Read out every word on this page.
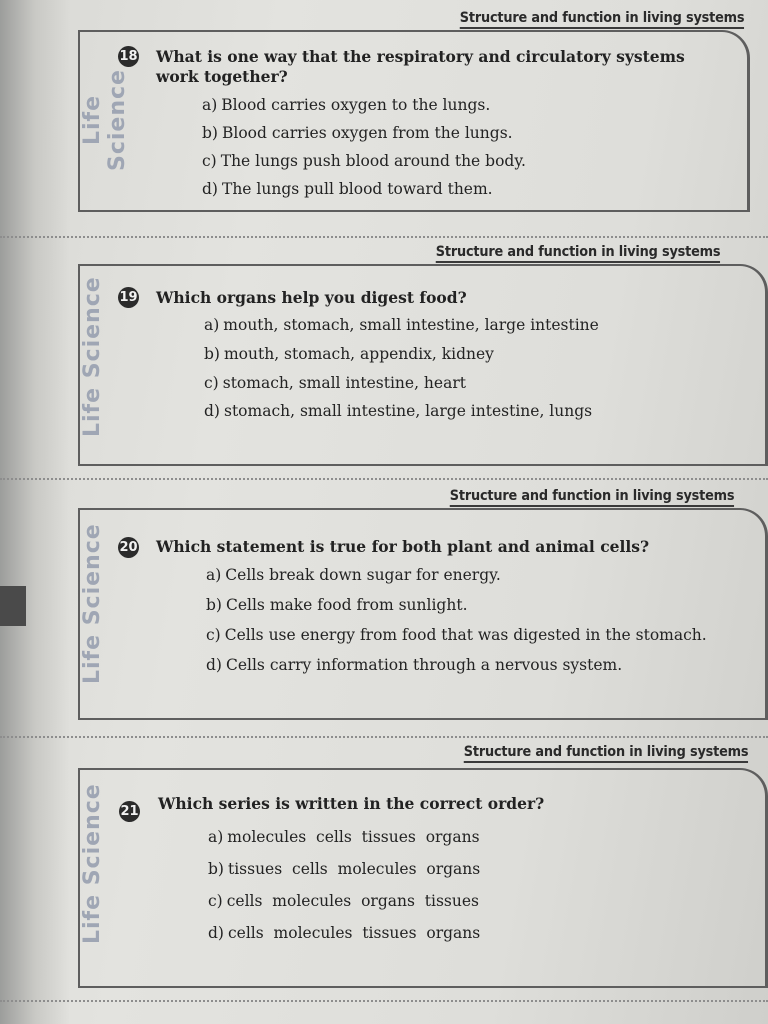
Structure and function in living systems
Life Science
18 What is one way that the respiratory and circulatory systems work together?
a) Blood carries oxygen to the lungs.
b) Blood carries oxygen from the lungs.
c) The lungs push blood around the body.
d) The lungs pull blood toward them.
Structure and function in living systems
Life Science	19 Which organs help you digest food?
a) mouth, stomach, small intestine, large intestine
b) mouth, stomach, appendix, kidney
c) stomach, small intestine, heart
d) stomach, small intestine, large intestine, lungs
Structure and function in living systems
Life Science	20 Which statement is true for both plant and animal cells?
a) Cells break down sugar for energy.
b) Cells make food from sunlight.
c) Cells use energy from food that was digested in the stomach.
d) Cells carry information through a nervous system.
Structure and function in living systems
Life Science	21 Which series is written in the correct order?
a) molecules  cells  tissues  organs
b) tissues  cells  molecules  organs
c) cells  molecules  organs  tissues
d) cells  molecules  tissues  organs
